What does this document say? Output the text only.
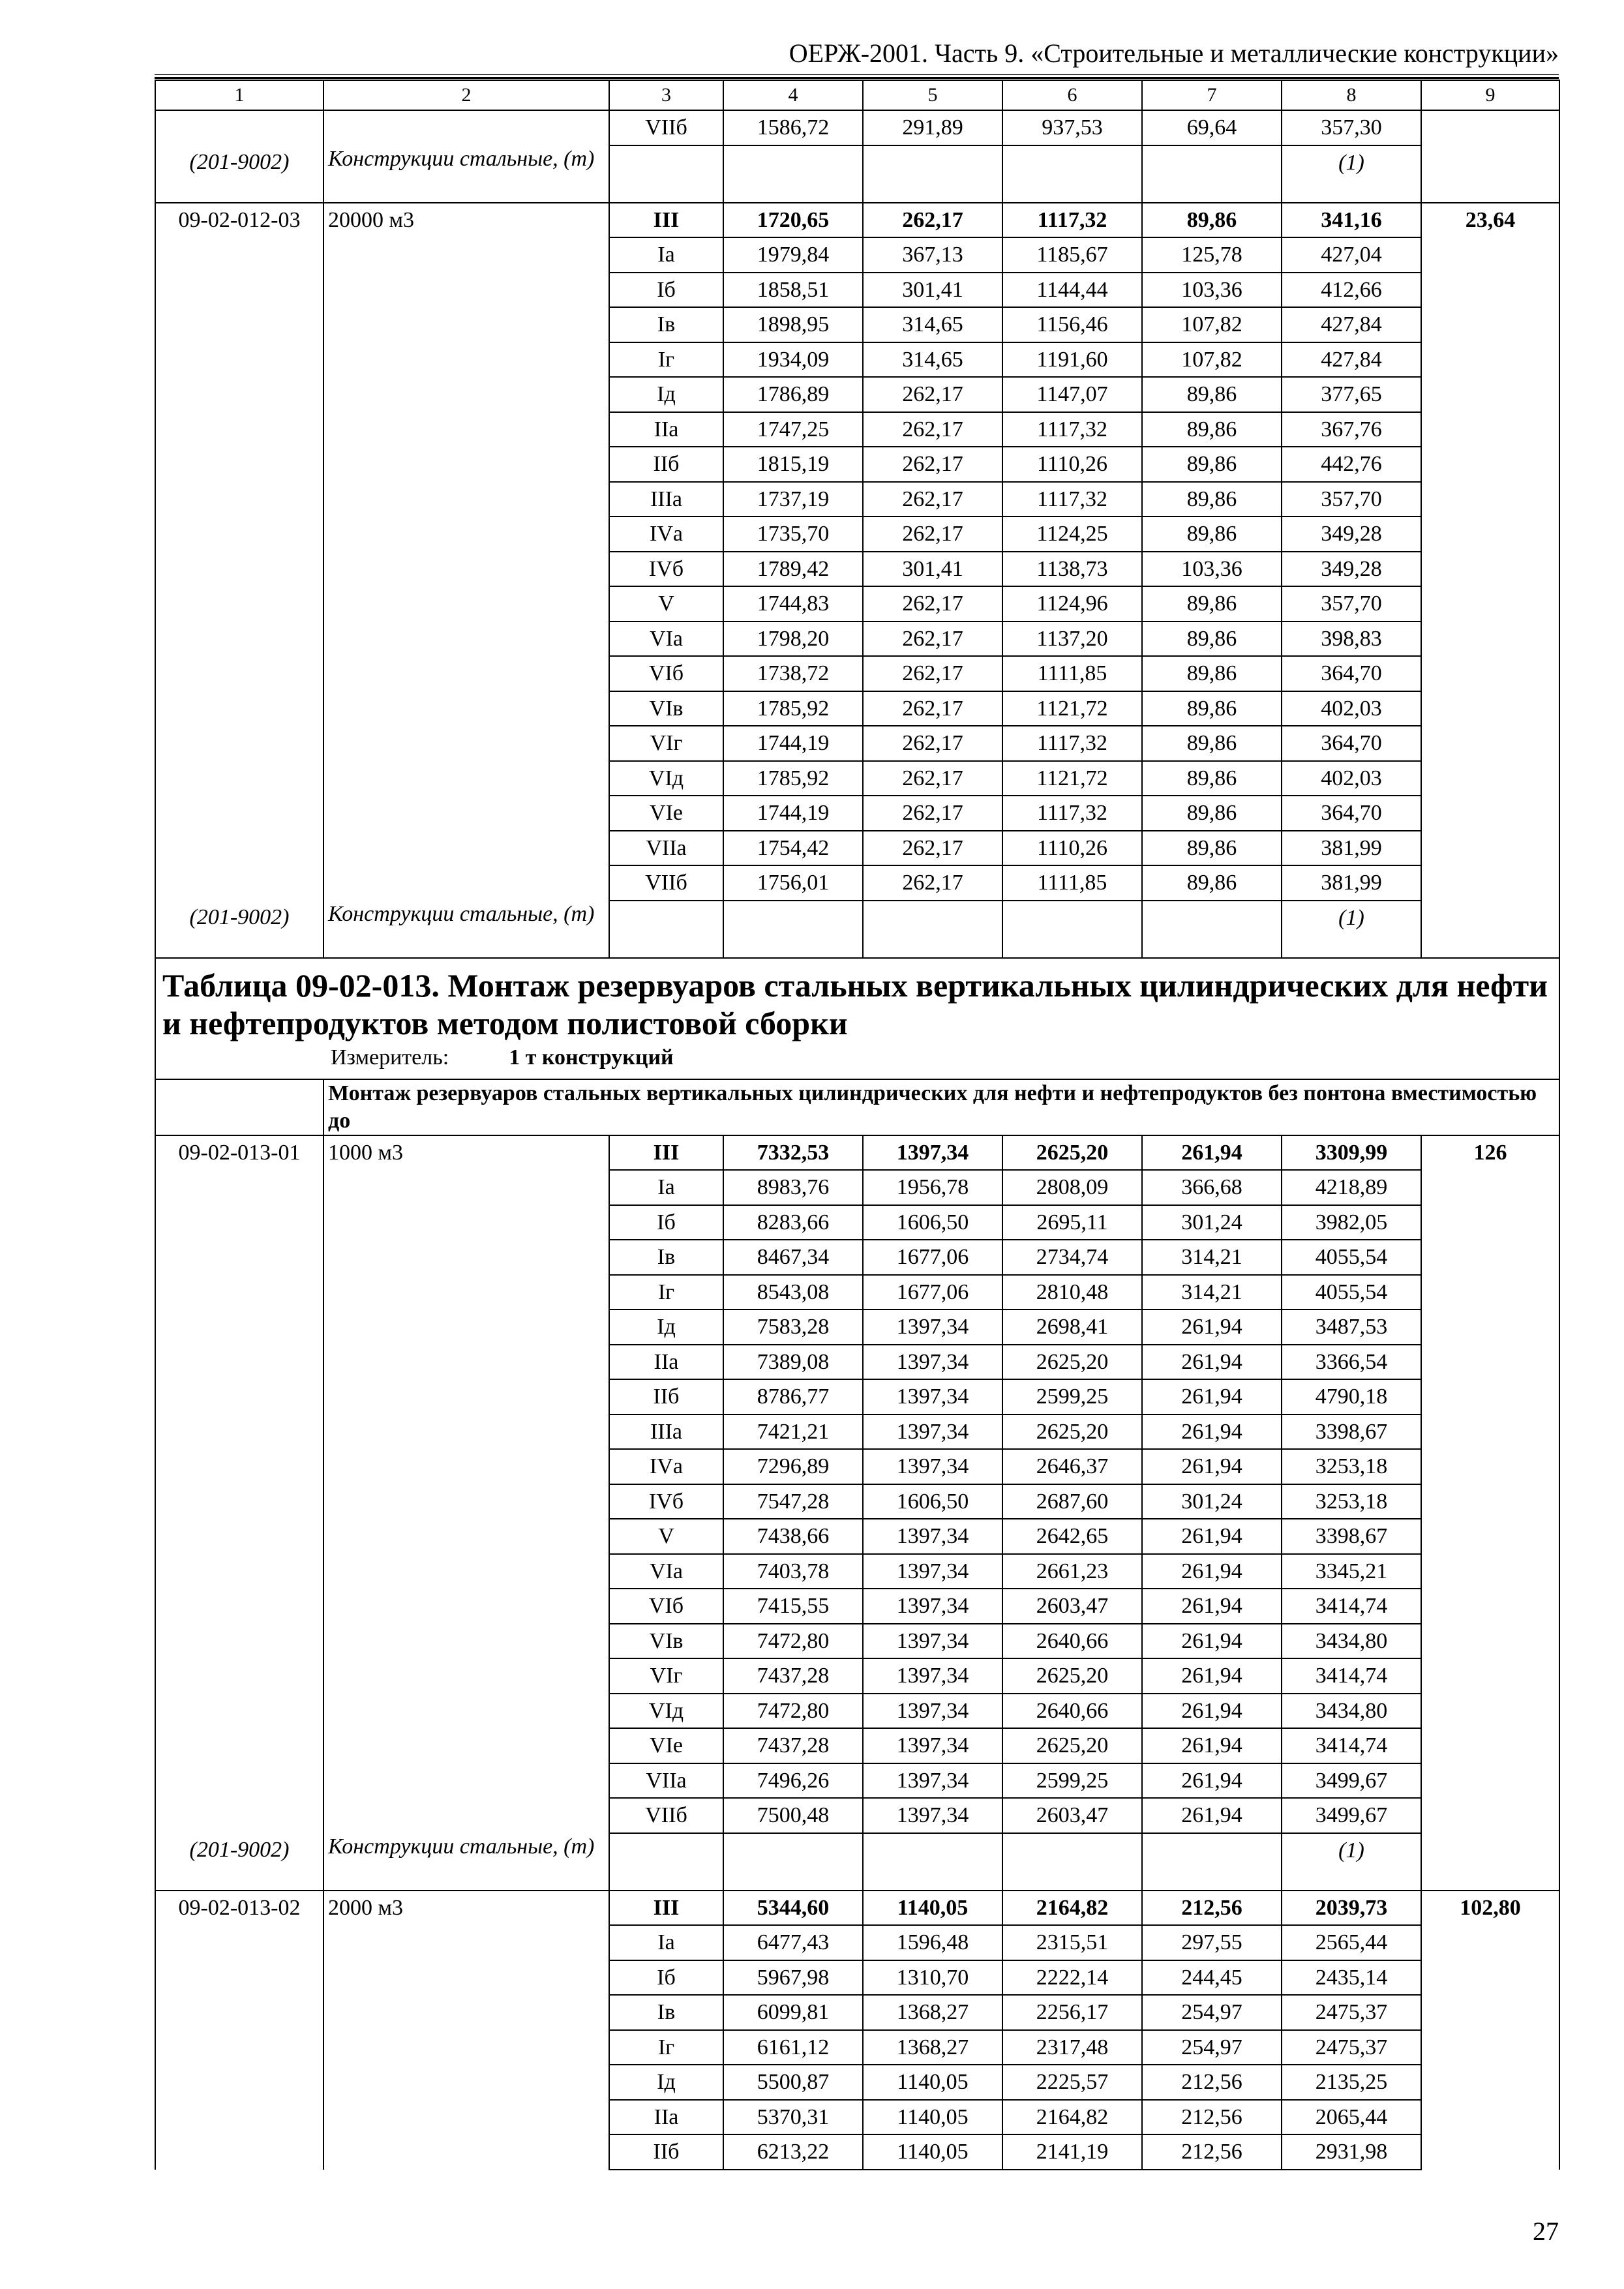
ОЕРЖ-2001. Часть 9. «Строительные и металлические конструкции»
1	2	3	4	5	6	7	8	9
		VIIб	1586,72	291,89	937,53	69,64	357,30	
(201-9002)	Конструкции стальные, (т)						(1)	
09-02-012-03	20000 м3	III	1720,65	262,17	1117,32	89,86	341,16	23,64
		Iа	1979,84	367,13	1185,67	125,78	427,04	
		Iб	1858,51	301,41	1144,44	103,36	412,66	
		Iв	1898,95	314,65	1156,46	107,82	427,84	
		Iг	1934,09	314,65	1191,60	107,82	427,84	
		Iд	1786,89	262,17	1147,07	89,86	377,65	
		IIа	1747,25	262,17	1117,32	89,86	367,76	
		IIб	1815,19	262,17	1110,26	89,86	442,76	
		IIIа	1737,19	262,17	1117,32	89,86	357,70	
		IVа	1735,70	262,17	1124,25	89,86	349,28	
		IVб	1789,42	301,41	1138,73	103,36	349,28	
		V	1744,83	262,17	1124,96	89,86	357,70	
		VIа	1798,20	262,17	1137,20	89,86	398,83	
		VIб	1738,72	262,17	1111,85	89,86	364,70	
		VIв	1785,92	262,17	1121,72	89,86	402,03	
		VIг	1744,19	262,17	1117,32	89,86	364,70	
		VIд	1785,92	262,17	1121,72	89,86	402,03	
		VIе	1744,19	262,17	1117,32	89,86	364,70	
		VIIа	1754,42	262,17	1110,26	89,86	381,99	
		VIIб	1756,01	262,17	1111,85	89,86	381,99	
(201-9002)	Конструкции стальные, (т)						(1)	

Таблица 09-02-013. Монтаж резервуаров стальных вертикальных цилиндрических для нефти и нефтепродуктов методом полистовой сборки
Измеритель: 1 т конструкций								

	Монтаж резервуаров стальных вертикальных цилиндрических для нефти и нефтепродуктов без понтона вместимостью до							
09-02-013-01	1000 м3	III	7332,53	1397,34	2625,20	261,94	3309,99	126
		Iа	8983,76	1956,78	2808,09	366,68	4218,89	
		Iб	8283,66	1606,50	2695,11	301,24	3982,05	
		Iв	8467,34	1677,06	2734,74	314,21	4055,54	
		Iг	8543,08	1677,06	2810,48	314,21	4055,54	
		Iд	7583,28	1397,34	2698,41	261,94	3487,53	
		IIа	7389,08	1397,34	2625,20	261,94	3366,54	
		IIб	8786,77	1397,34	2599,25	261,94	4790,18	
		IIIа	7421,21	1397,34	2625,20	261,94	3398,67	
		IVа	7296,89	1397,34	2646,37	261,94	3253,18	
		IVб	7547,28	1606,50	2687,60	301,24	3253,18	
		V	7438,66	1397,34	2642,65	261,94	3398,67	
		VIа	7403,78	1397,34	2661,23	261,94	3345,21	
		VIб	7415,55	1397,34	2603,47	261,94	3414,74	
		VIв	7472,80	1397,34	2640,66	261,94	3434,80	
		VIг	7437,28	1397,34	2625,20	261,94	3414,74	
		VIд	7472,80	1397,34	2640,66	261,94	3434,80	
		VIе	7437,28	1397,34	2625,20	261,94	3414,74	
		VIIа	7496,26	1397,34	2599,25	261,94	3499,67	
		VIIб	7500,48	1397,34	2603,47	261,94	3499,67	
(201-9002)	Конструкции стальные, (т)						(1)	
09-02-013-02	2000 м3	III	5344,60	1140,05	2164,82	212,56	2039,73	102,80
		Iа	6477,43	1596,48	2315,51	297,55	2565,44	
		Iб	5967,98	1310,70	2222,14	244,45	2435,14	
		Iв	6099,81	1368,27	2256,17	254,97	2475,37	
		Iг	6161,12	1368,27	2317,48	254,97	2475,37	
		Iд	5500,87	1140,05	2225,57	212,56	2135,25	
		IIа	5370,31	1140,05	2164,82	212,56	2065,44	
		IIб	6213,22	1140,05	2141,19	212,56	2931,98	
27
